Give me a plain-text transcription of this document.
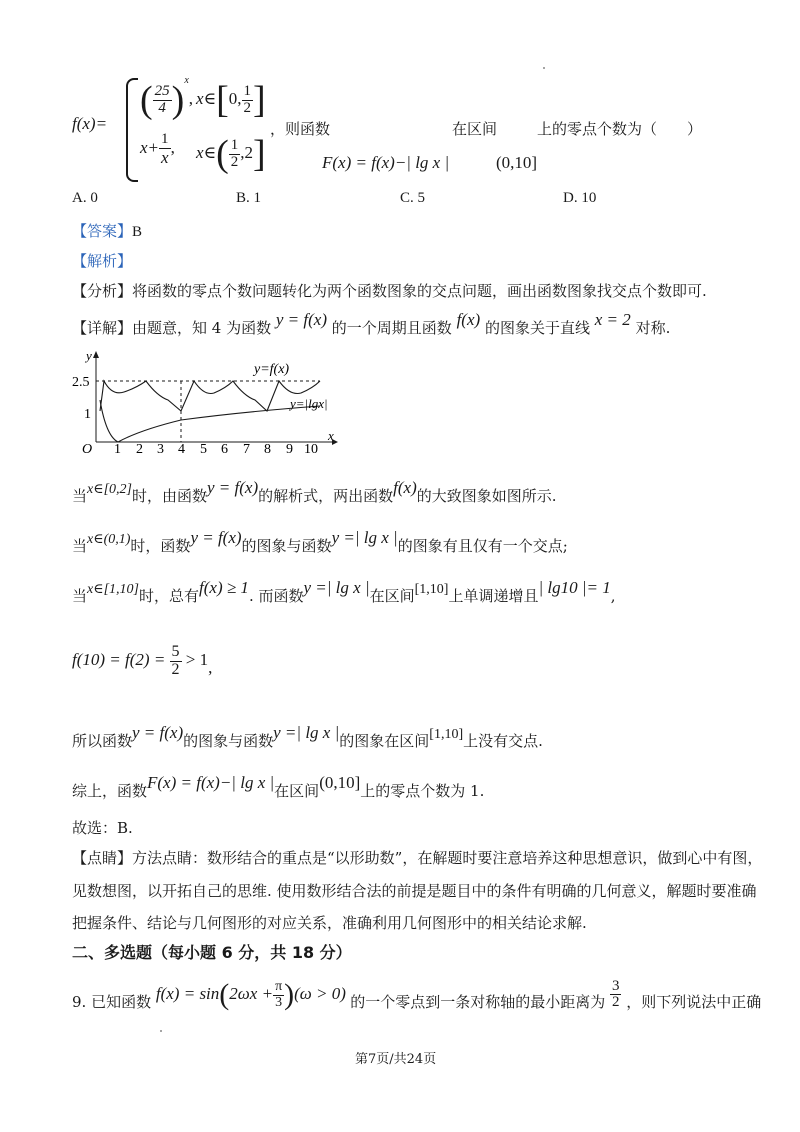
f(x)=
( $\frac{25}{4} )^x$, x∈[0, $\frac{1}{2}$ ]
$x+ \frac{1}{x}$ , x∈( $\frac{1}{2} ,2$]
，则函数
F(x) = f(x)−| lg x |
在区间
(0,10]
上的零点个数为（　　）
A. 0	B. 1	C. 5	D. 10
【答案】B
【解析】
【分析】将函数的零点个数问题转化为两个函数图象的交点问题，画出函数图象找交点个数即可.
【详解】由题意，知 4 为函数 y = f(x) 的一个周期且函数 f(x) 的图象关于直线 x = 2 对称.
y
x
O
2.5
1
1 2 3 4 5 6 7 8 9 10
y=f(x)
y=|lgx|
当x∈[0,2]时，由函数y = f(x)的解析式，两出函数f(x)的大致图象如图所示.
当x∈(0,1)时，函数y = f(x)的图象与函数y =| lg x |的图象有且仅有一个交点;
当x∈[1,10]时，总有f(x) ≥ 1. 而函数y =| lg x |在区间[1,10]上单调递增且| lg10 |= 1,
$f(10) = f(2) = \frac{5}{2} > 1$,
所以函数y = f(x)的图象与函数y =| lg x |的图象在区间[1,10]上没有交点.
综上，函数F(x) = f(x)−| lg x |在区间(0,10]上的零点个数为 1.
故选：B.
【点睛】方法点睛：数形结合的重点是“以形助数”，在解题时要注意培养这种思想意识，做到心中有图，
见数想图，以开拓自己的思维. 使用数形结合法的前提是题目中的条件有明确的几何意义，解题时要准确
把握条件、结论与几何图形的对应关系，准确利用几何图形中的相关结论求解.
二、多选题（每小题 6 分，共 18 分）
9. 已知函数 $f(x) = \sin(2\omega x + \frac{\pi}{3} )(\omega > 0)$ 的一个零点到一条对称轴的最小距离为 $\frac{3}{2}$ ，则下列说法中正确
第7页/共24页
